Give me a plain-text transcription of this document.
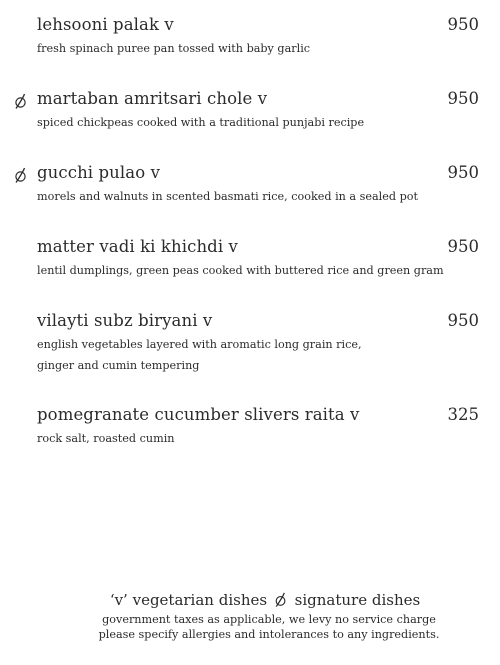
lehsooni palak v	950
fresh spinach puree pan tossed with baby garlic
martaban amritsari chole v	950
spiced chickpeas cooked with a traditional punjabi recipe
gucchi pulao v	950
morels and walnuts in scented basmati rice, cooked in a sealed pot
matter vadi ki khichdi v	950
lentil dumplings, green peas cooked with buttered rice and green gram
vilayti subz biryani v	950
english vegetables layered with aromatic long grain rice,
ginger and cumin tempering
pomegranate cucumber slivers raita v	325
rock salt, roasted cumin
‘v’ vegetarian dishes signature dishes
government taxes as applicable, we levy no service charge
please specify allergies and intolerances to any ingredients.
